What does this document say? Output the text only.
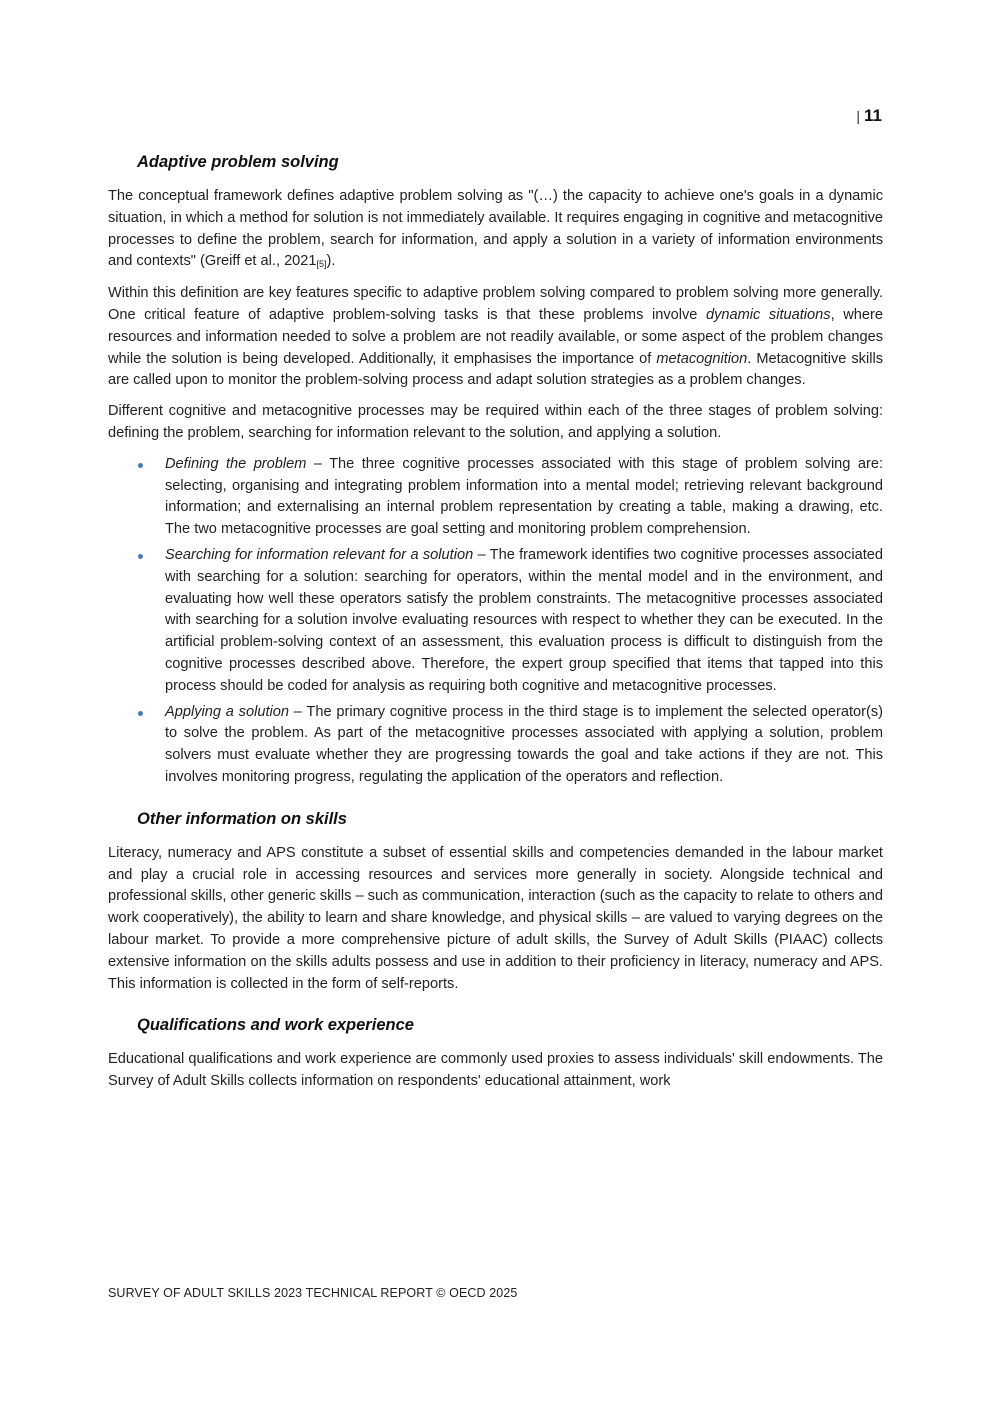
| 11
Adaptive problem solving

The conceptual framework defines adaptive problem solving as "(…) the capacity to achieve one's goals in a dynamic situation, in which a method for solution is not immediately available. It requires engaging in cognitive and metacognitive processes to define the problem, search for information, and apply a solution in a variety of information environments and contexts" (Greiff et al., $2021_{[5]}$).

Within this definition are key features specific to adaptive problem solving compared to problem solving more generally. One critical feature of adaptive problem-solving tasks is that these problems involve dynamic situations, where resources and information needed to solve a problem are not readily available, or some aspect of the problem changes while the solution is being developed. Additionally, it emphasises the importance of metacognition. Metacognitive skills are called upon to monitor the problem-solving process and adapt solution strategies as a problem changes.

Different cognitive and metacognitive processes may be required within each of the three stages of problem solving: defining the problem, searching for information relevant to the solution, and applying a solution.

Defining the problem – The three cognitive processes associated with this stage of problem solving are: selecting, organising and integrating problem information into a mental model; retrieving relevant background information; and externalising an internal problem representation by creating a table, making a drawing, etc. The two metacognitive processes are goal setting and monitoring problem comprehension.
Searching for information relevant for a solution – The framework identifies two cognitive processes associated with searching for a solution: searching for operators, within the mental model and in the environment, and evaluating how well these operators satisfy the problem constraints. The metacognitive processes associated with searching for a solution involve evaluating resources with respect to whether they can be executed. In the artificial problem-solving context of an assessment, this evaluation process is difficult to distinguish from the cognitive processes described above. Therefore, the expert group specified that items that tapped into this process should be coded for analysis as requiring both cognitive and metacognitive processes.
Applying a solution – The primary cognitive process in the third stage is to implement the selected operator(s) to solve the problem. As part of the metacognitive processes associated with applying a solution, problem solvers must evaluate whether they are progressing towards the goal and take actions if they are not. This involves monitoring progress, regulating the application of the operators and reflection.
Other information on skills

Literacy, numeracy and APS constitute a subset of essential skills and competencies demanded in the labour market and play a crucial role in accessing resources and services more generally in society. Alongside technical and professional skills, other generic skills – such as communication, interaction (such as the capacity to relate to others and work cooperatively), the ability to learn and share knowledge, and physical skills – are valued to varying degrees on the labour market. To provide a more comprehensive picture of adult skills, the Survey of Adult Skills (PIAAC) collects extensive information on the skills adults possess and use in addition to their proficiency in literacy, numeracy and APS. This information is collected in the form of self-reports.

Qualifications and work experience

Educational qualifications and work experience are commonly used proxies to assess individuals' skill endowments. The Survey of Adult Skills collects information on respondents' educational attainment, work

SURVEY OF ADULT SKILLS 2023 TECHNICAL REPORT © OECD 2025
